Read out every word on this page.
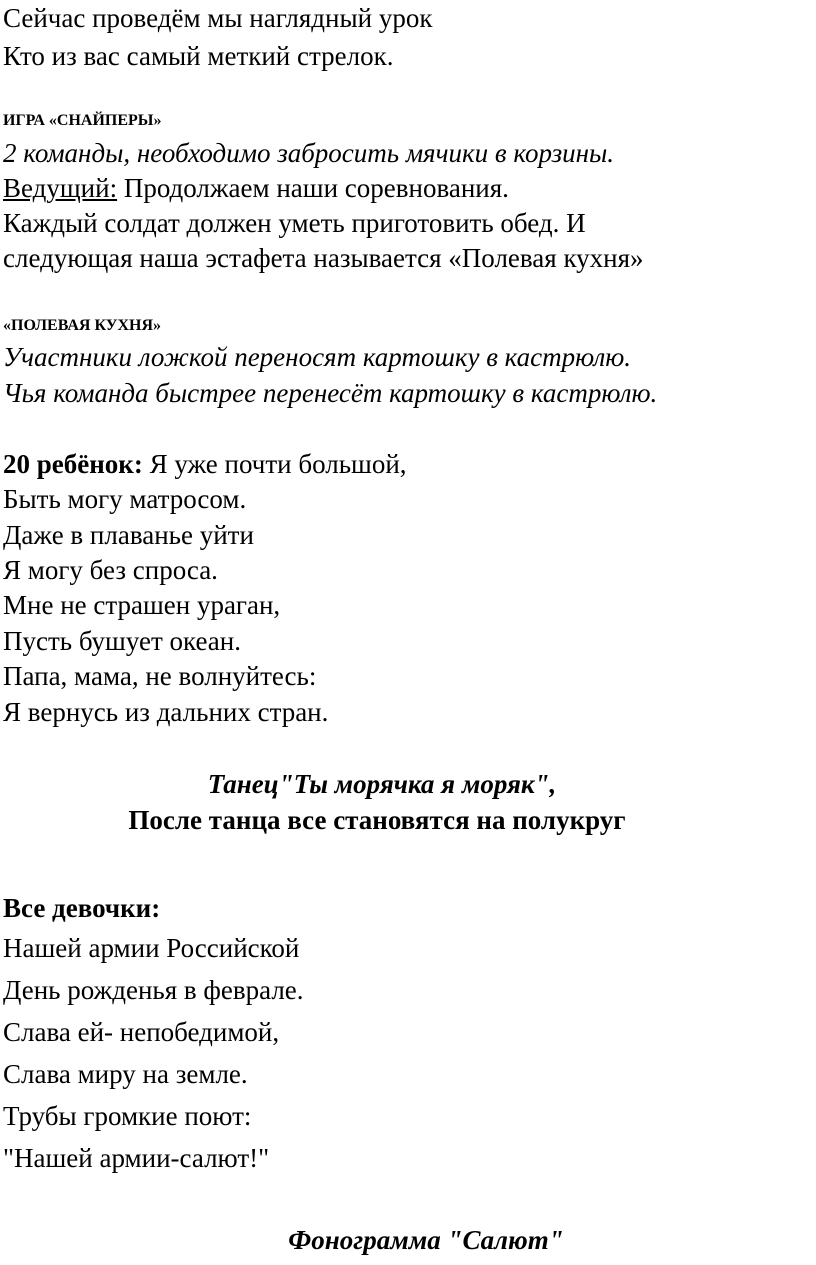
Сейчас проведём мы наглядный урок
Кто из вас самый меткий стрелок.
ИГРА «СНАЙПЕРЫ»
2 команды, необходимо забросить мячики в корзины.
Ведущий: Продолжаем наши соревнования.
Каждый солдат должен уметь приготовить обед. И
следующая наша эстафета называется «Полевая кухня»
«ПОЛЕВАЯ КУХНЯ»
Участники ложкой переносят картошку в кастрюлю.
Чья команда быстрее перенесёт картошку в кастрюлю.
20 ребёнок: Я уже почти большой,
Быть могу матросом.
Даже в плаванье уйти
Я могу без спроса.
Мне не страшен ураган,
Пусть бушует океан.
Папа, мама, не волнуйтесь:
Я вернусь из дальних стран.
Танец"Ты морячка я моряк",
После танца все становятся на полукруг
Все девочки:
Нашей армии Российской
День рожденья в феврале.
Слава ей- непобедимой,
Слава миру на земле.
Трубы громкие поют:
"Нашей армии-салют!"
Фонограмма "Салют"
